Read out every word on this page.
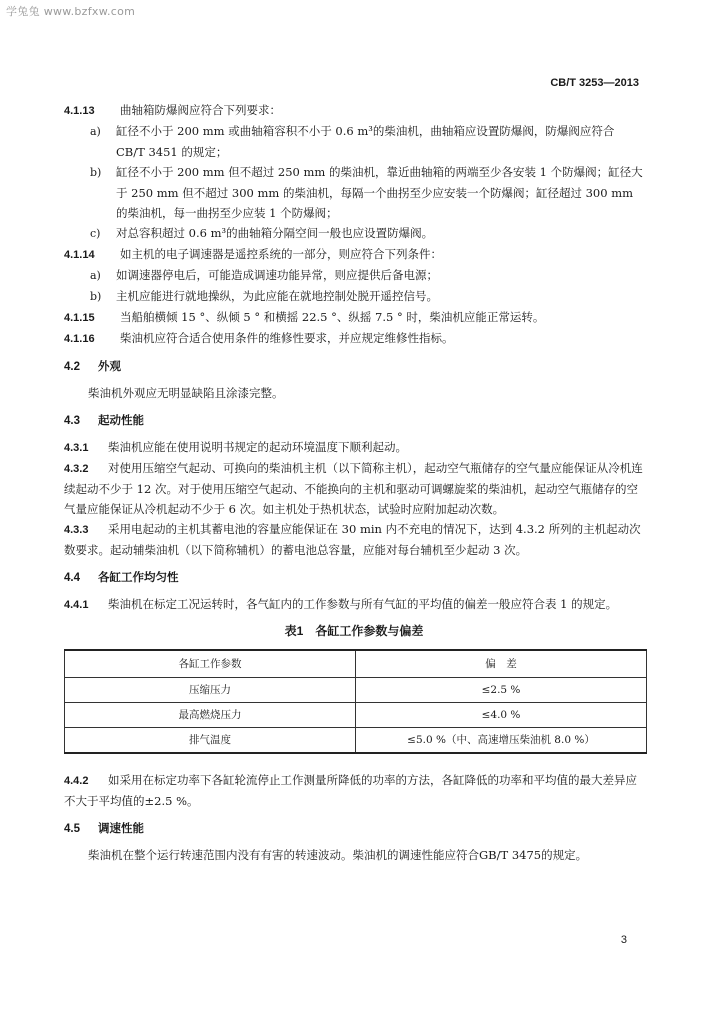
学兔兔 www.bzfxw.com
CB/T 3253—2013
4.1.13 曲轴箱防爆阀应符合下列要求：
a) 缸径不小于 200 mm 或曲轴箱容积不小于 0.6 m³的柴油机，曲轴箱应设置防爆阀，防爆阀应符合 CB/T 3451 的规定；
b) 缸径不小于 200 mm 但不超过 250 mm 的柴油机，靠近曲轴箱的两端至少各安装 1 个防爆阀；缸径大于 250 mm 但不超过 300 mm 的柴油机，每隔一个曲拐至少应安装一个防爆阀；缸径超过 300 mm 的柴油机，每一曲拐至少应装 1 个防爆阀；
c) 对总容积超过 0.6 m³的曲轴箱分隔空间一般也应设置防爆阀。
4.1.14 如主机的电子调速器是遥控系统的一部分，则应符合下列条件：
a) 如调速器停电后，可能造成调速功能异常，则应提供后备电源；
b) 主机应能进行就地操纵，为此应能在就地控制处脱开遥控信号。
4.1.15 当船舶横倾 15 °、纵倾 5 ° 和横摇 22.5 °、纵摇 7.5 ° 时，柴油机应能正常运转。
4.1.16 柴油机应符合适合使用条件的维修性要求，并应规定维修性指标。
4.2 外观
柴油机外观应无明显缺陷且涂漆完整。
4.3 起动性能
4.3.1 柴油机应能在使用说明书规定的起动环境温度下顺利起动。
4.3.2 对使用压缩空气起动、可换向的柴油机主机（以下简称主机），起动空气瓶储存的空气量应能保证从冷机连续起动不少于 12 次。对于使用压缩空气起动、不能换向的主机和驱动可调螺旋桨的柴油机，起动空气瓶储存的空气量应能保证从冷机起动不少于 6 次。如主机处于热机状态，试验时应附加起动次数。
4.3.3 采用电起动的主机其蓄电池的容量应能保证在 30 min 内不充电的情况下，达到 4.3.2 所列的主机起动次数要求。起动辅柴油机（以下简称辅机）的蓄电池总容量，应能对每台辅机至少起动 3 次。
4.4 各缸工作均匀性
4.4.1 柴油机在标定工况运转时，各气缸内的工作参数与所有气缸的平均值的偏差一般应符合表 1 的规定。
表1　各缸工作参数与偏差
各缸工作参数	偏　差
压缩压力	≤2.5 %
最高燃烧压力	≤4.0 %
排气温度	≤5.0 %（中、高速增压柴油机 8.0 %）
4.4.2 如采用在标定功率下各缸轮流停止工作测量所降低的功率的方法，各缸降低的功率和平均值的最大差异应不大于平均值的±2.5 %。
4.5 调速性能
柴油机在整个运行转速范围内没有有害的转速波动。柴油机的调速性能应符合GB/T 3475的规定。
3
